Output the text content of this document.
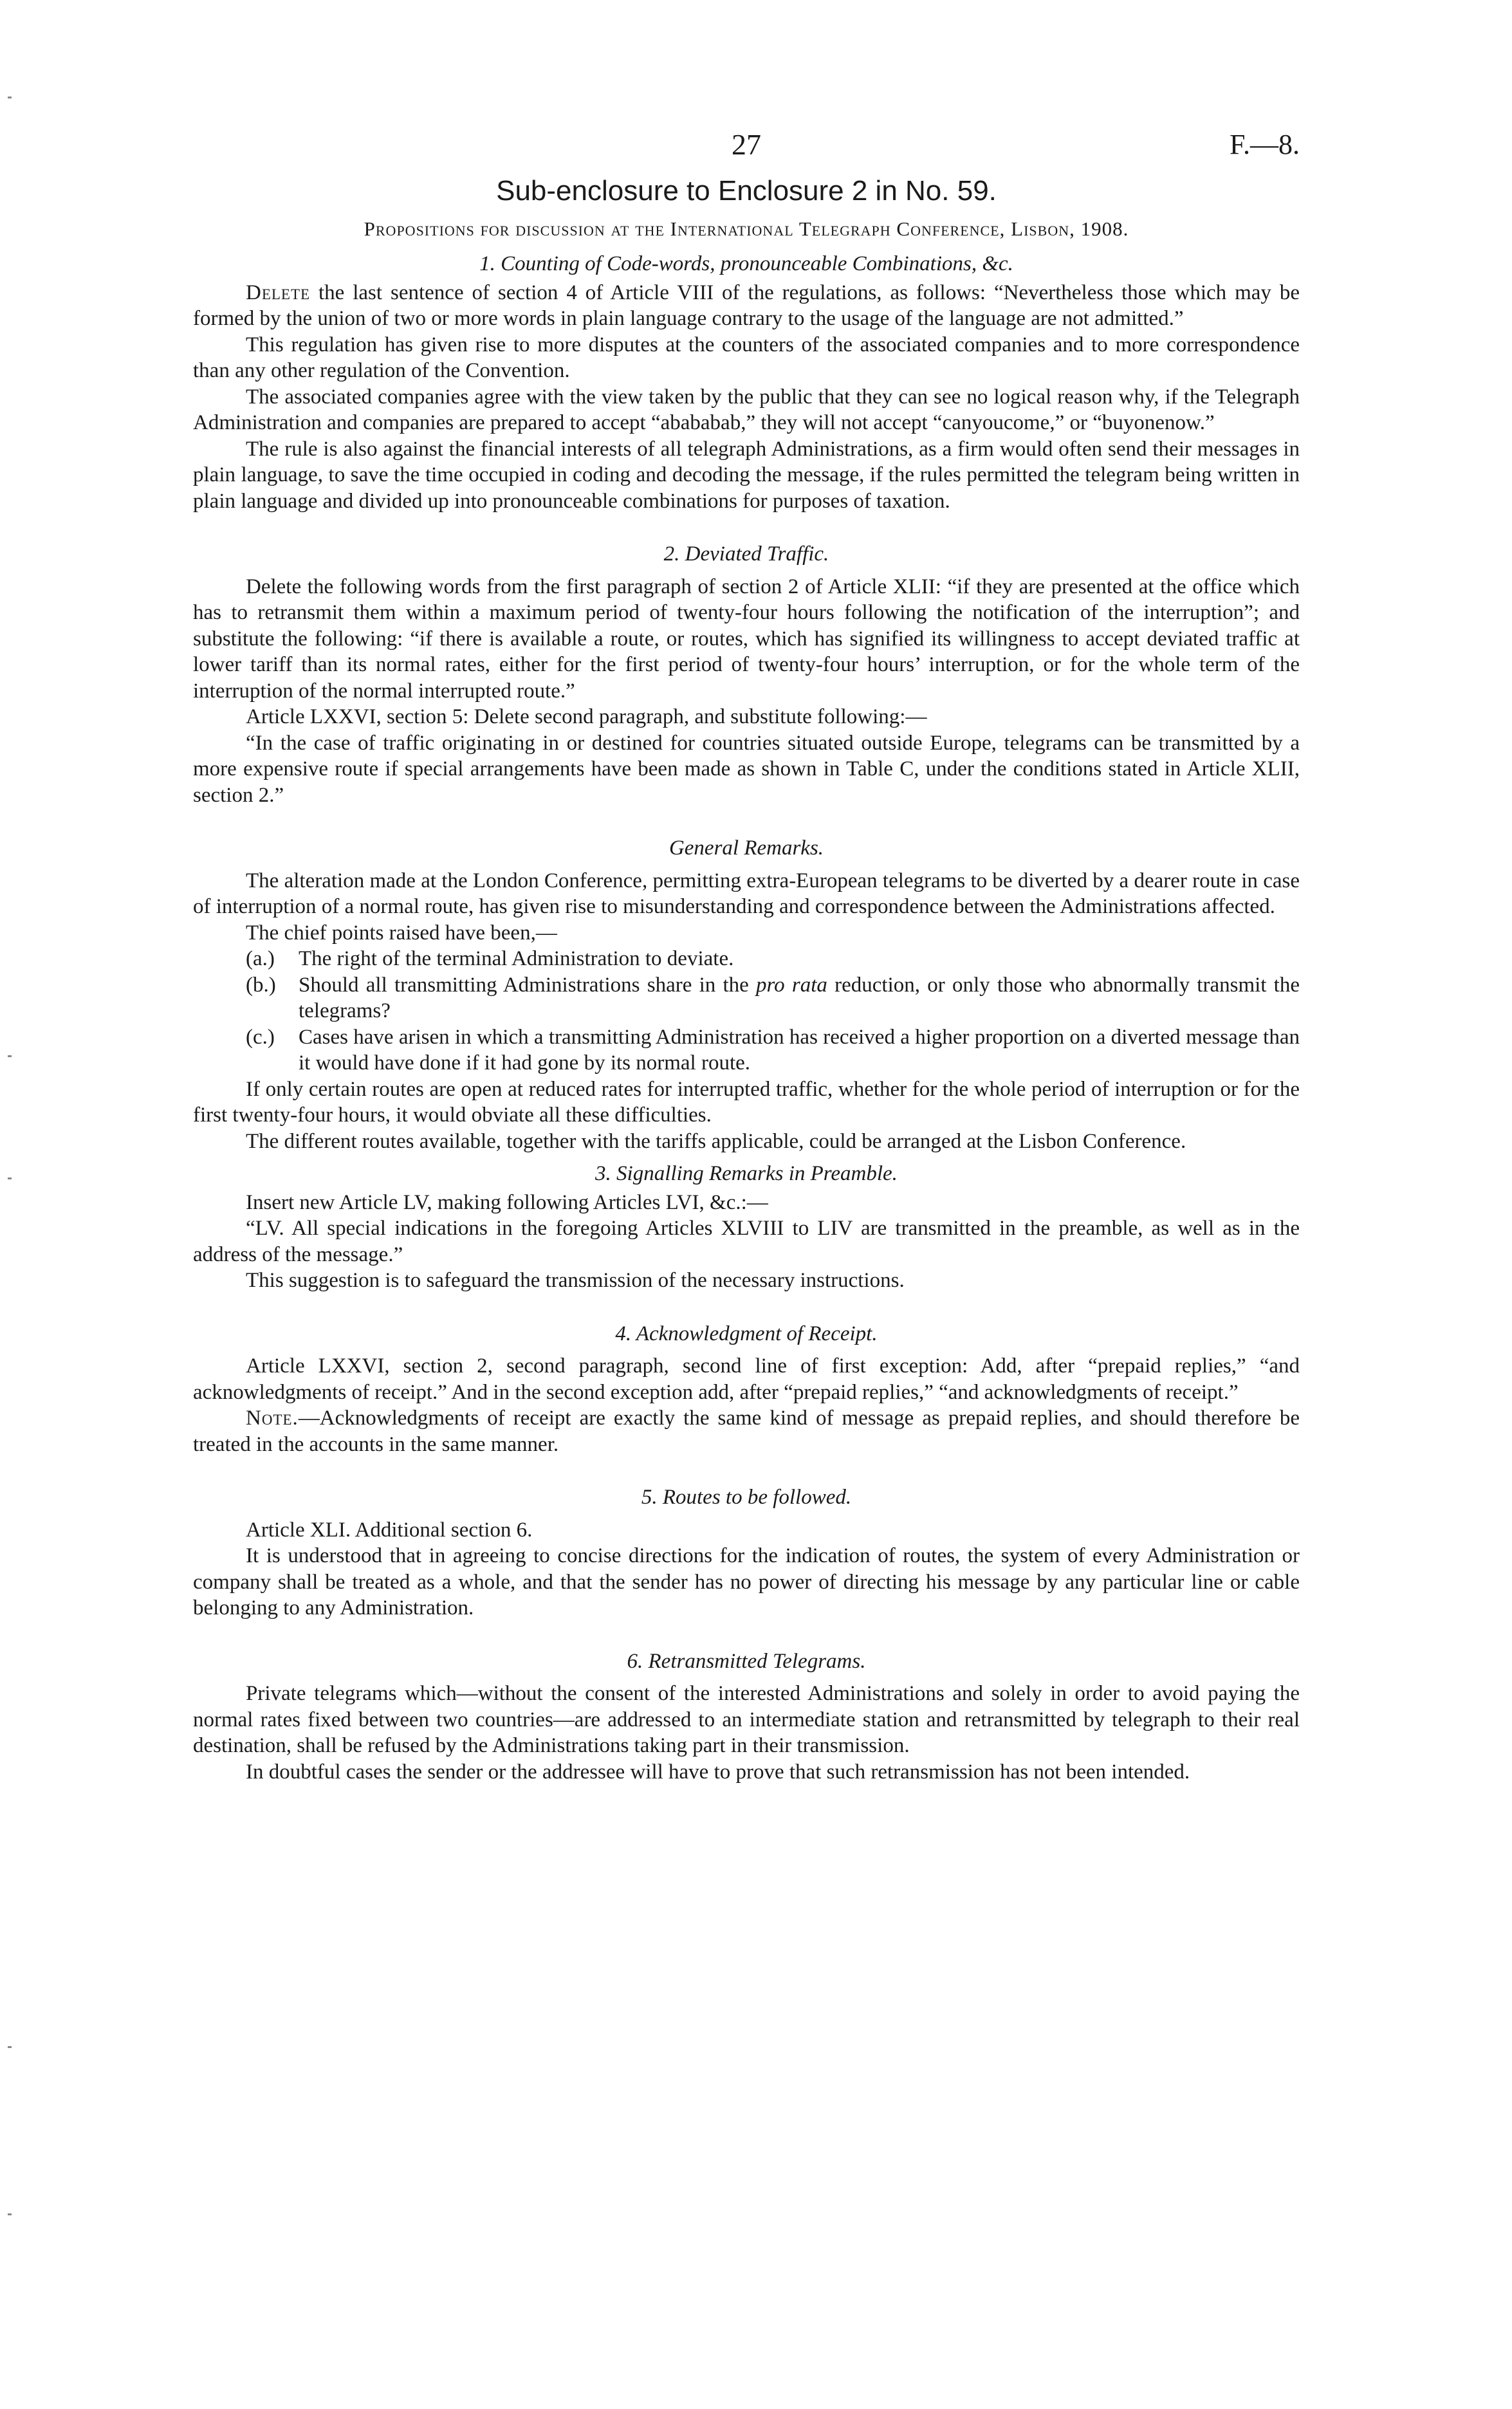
27	F.—8.
Sub-enclosure to Enclosure 2 in No. 59.
Propositions for discussion at the International Telegraph Conference, Lisbon, 1908.
1. Counting of Code-words, pronounceable Combinations, &c.

Delete the last sentence of section 4 of Article VIII of the regulations, as follows: “Nevertheless those which may be formed by the union of two or more words in plain language contrary to the usage of the language are not admitted.”

This regulation has given rise to more disputes at the counters of the associated companies and to more correspondence than any other regulation of the Convention.

The associated companies agree with the view taken by the public that they can see no logical reason why, if the Telegraph Administration and companies are prepared to accept “abababab,” they will not accept “canyoucome,” or “buyonenow.”

The rule is also against the financial interests of all telegraph Administrations, as a firm would often send their messages in plain language, to save the time occupied in coding and decoding the message, if the rules permitted the telegram being written in plain language and divided up into pronounceable combinations for purposes of taxation.

2. Deviated Traffic.

Delete the following words from the first paragraph of section 2 of Article XLII: “if they are presented at the office which has to retransmit them within a maximum period of twenty-four hours following the notification of the interruption”; and substitute the following: “if there is available a route, or routes, which has signified its willingness to accept deviated traffic at lower tariff than its normal rates, either for the first period of twenty-four hours’ interruption, or for the whole term of the interruption of the normal interrupted route.”

Article LXXVI, section 5: Delete second paragraph, and substitute following:—

“In the case of traffic originating in or destined for countries situated outside Europe, telegrams can be transmitted by a more expensive route if special arrangements have been made as shown in Table C, under the conditions stated in Article XLII, section 2.”

General Remarks.

The alteration made at the London Conference, permitting extra-European telegrams to be diverted by a dearer route in case of interruption of a normal route, has given rise to misunderstanding and correspondence between the Administrations affected.

The chief points raised have been,—

(a.)	The right of the terminal Administration to deviate.
(b.)	Should all transmitting Administrations share in the pro rata reduction, or only those who abnormally transmit the telegrams?
(c.)	Cases have arisen in which a transmitting Administration has received a higher proportion on a diverted message than it would have done if it had gone by its normal route.

If only certain routes are open at reduced rates for interrupted traffic, whether for the whole period of interruption or for the first twenty-four hours, it would obviate all these difficulties.

The different routes available, together with the tariffs applicable, could be arranged at the Lisbon Conference.

3. Signalling Remarks in Preamble.

Insert new Article LV, making following Articles LVI, &c.:—

“LV. All special indications in the foregoing Articles XLVIII to LIV are transmitted in the preamble, as well as in the address of the message.”

This suggestion is to safeguard the transmission of the necessary instructions.

4. Acknowledgment of Receipt.

Article LXXVI, section 2, second paragraph, second line of first exception: Add, after “prepaid replies,” “and acknowledgments of receipt.” And in the second exception add, after “prepaid replies,” “and acknowledgments of receipt.”

Note.—Acknowledgments of receipt are exactly the same kind of message as prepaid replies, and should therefore be treated in the accounts in the same manner.

5. Routes to be followed.

Article XLI. Additional section 6.

It is understood that in agreeing to concise directions for the indication of routes, the system of every Administration or company shall be treated as a whole, and that the sender has no power of directing his message by any particular line or cable belonging to any Administration.

6. Retransmitted Telegrams.

Private telegrams which—without the consent of the interested Administrations and solely in order to avoid paying the normal rates fixed between two countries—are addressed to an intermediate station and retransmitted by telegraph to their real destination, shall be refused by the Administrations taking part in their transmission.

In doubtful cases the sender or the addressee will have to prove that such retransmission has not been intended.
